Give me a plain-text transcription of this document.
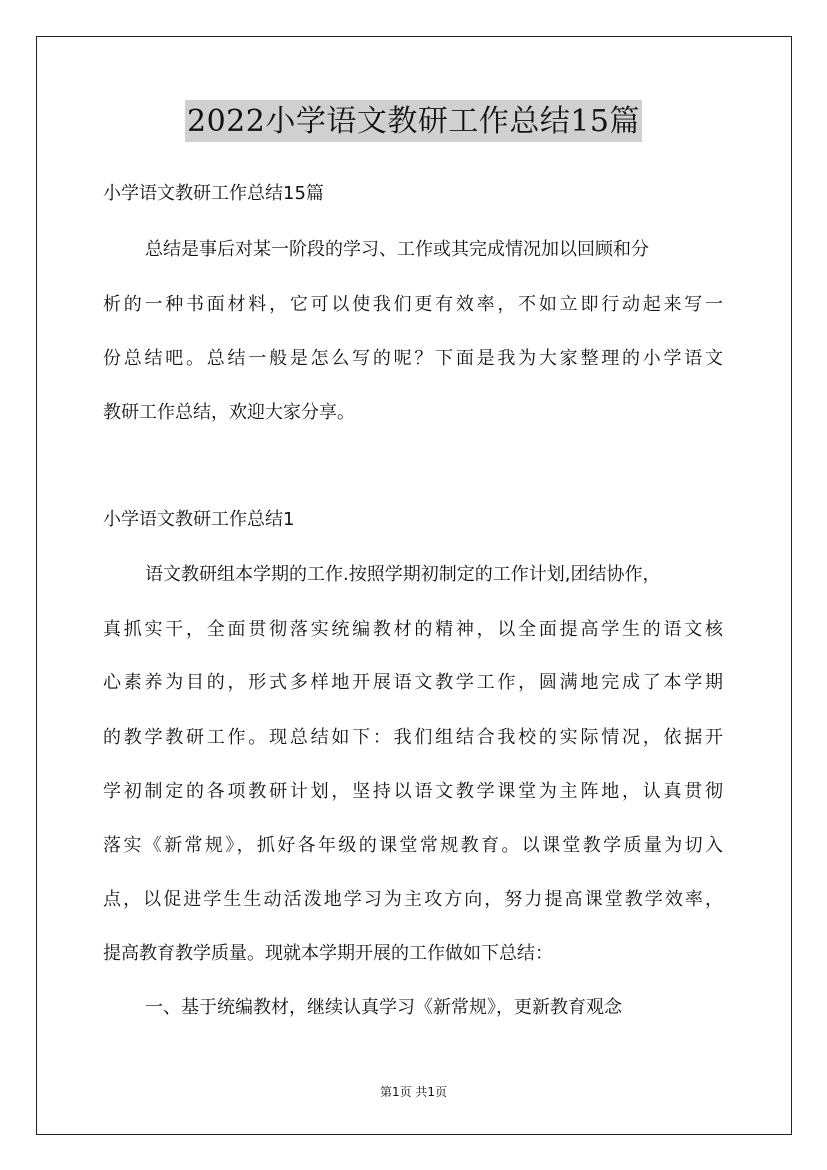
2022小学语文教研工作总结15篇
小学语文教研工作总结15篇
总结是事后对某一阶段的学习、工作或其完成情况加以回顾和分
析的一种书面材料，它可以使我们更有效率，不如立即行动起来写一
份总结吧。总结一般是怎么写的呢？下面是我为大家整理的小学语文
教研工作总结，欢迎大家分享。
小学语文教研工作总结1
语文教研组本学期的工作.按照学期初制定的工作计划,团结协作，
真抓实干，全面贯彻落实统编教材的精神，以全面提高学生的语文核
心素养为目的，形式多样地开展语文教学工作，圆满地完成了本学期
的教学教研工作。现总结如下：我们组结合我校的实际情况，依据开
学初制定的各项教研计划，坚持以语文教学课堂为主阵地，认真贯彻
落实《新常规》，抓好各年级的课堂常规教育。以课堂教学质量为切入
点，以促进学生生动活泼地学习为主攻方向，努力提高课堂教学效率，
提高教育教学质量。现就本学期开展的工作做如下总结：
一、基于统编教材，继续认真学习《新常规》，更新教育观念
第1页 共1页
